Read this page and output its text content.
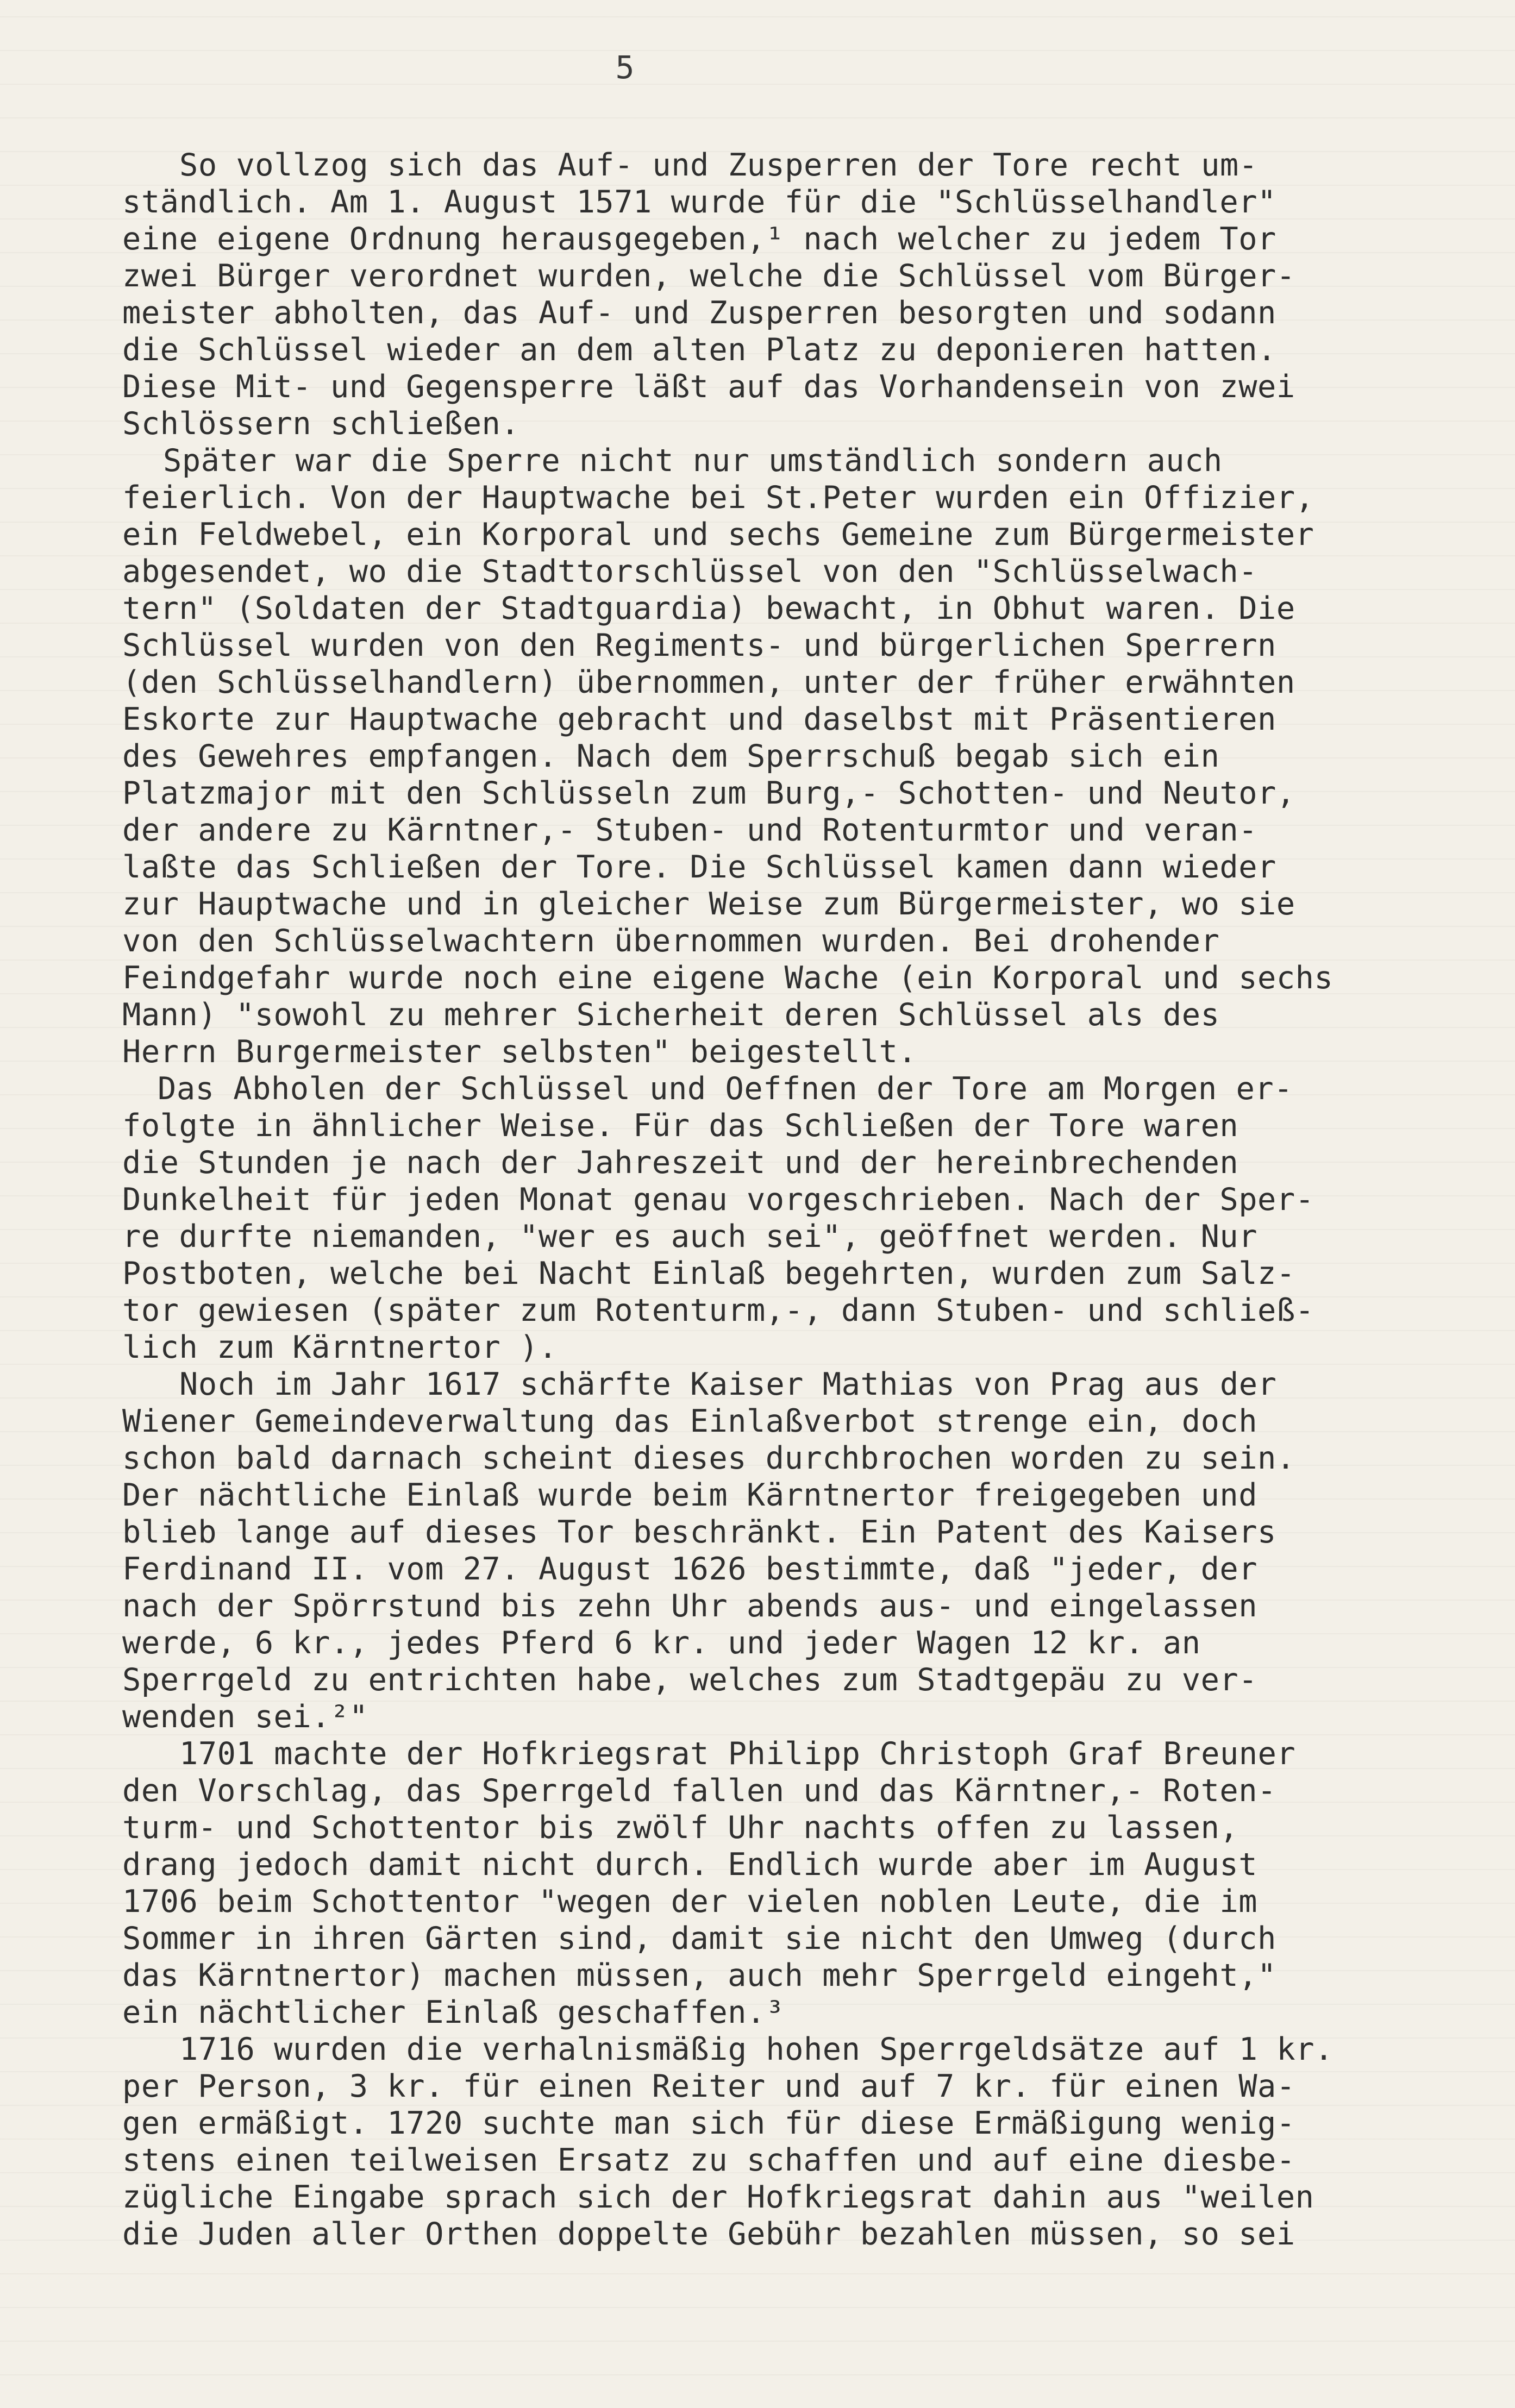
5
So vollzog sich das Auf- und Zusperren der Tore recht um-
ständlich. Am 1. August 1571 wurde für die "Schlüsselhandler"
eine eigene Ordnung herausgegeben,¹ nach welcher zu jedem Tor
zwei Bürger verordnet wurden, welche die Schlüssel vom Bürger-
meister abholten, das Auf- und Zusperren besorgten und sodann
die Schlüssel wieder an dem alten Platz zu deponieren hatten.
Diese Mit- und Gegensperre läßt auf das Vorhandensein von zwei
Schlössern schließen.
Später war die Sperre nicht nur umständlich sondern auch
feierlich. Von der Hauptwache bei St.Peter wurden ein Offizier,
ein Feldwebel, ein Korporal und sechs Gemeine zum Bürgermeister
abgesendet, wo die Stadttorschlüssel von den "Schlüsselwach-
tern" (Soldaten der Stadtguardia) bewacht, in Obhut waren. Die
Schlüssel wurden von den Regiments- und bürgerlichen Sperrern
(den Schlüsselhandlern) übernommen, unter der früher erwähnten
Eskorte zur Hauptwache gebracht und daselbst mit Präsentieren
des Gewehres empfangen. Nach dem Sperrschuß begab sich ein
Platzmajor mit den Schlüsseln zum Burg,- Schotten- und Neutor,
der andere zu Kärntner,- Stuben- und Rotenturmtor und veran-
laßte das Schließen der Tore. Die Schlüssel kamen dann wieder
zur Hauptwache und in gleicher Weise zum Bürgermeister, wo sie
von den Schlüsselwachtern übernommen wurden. Bei drohender
Feindgefahr wurde noch eine eigene Wache (ein Korporal und sechs
Mann) "sowohl zu mehrer Sicherheit deren Schlüssel als des
Herrn Burgermeister selbsten" beigestellt.
Das Abholen der Schlüssel und Oeffnen der Tore am Morgen er-
folgte in ähnlicher Weise. Für das Schließen der Tore waren
die Stunden je nach der Jahreszeit und der hereinbrechenden
Dunkelheit für jeden Monat genau vorgeschrieben. Nach der Sper-
re durfte niemanden, "wer es auch sei", geöffnet werden. Nur
Postboten, welche bei Nacht Einlaß begehrten, wurden zum Salz-
tor gewiesen (später zum Rotenturm,-, dann Stuben- und schließ-
lich zum Kärntnertor ).
Noch im Jahr 1617 schärfte Kaiser Mathias von Prag aus der
Wiener Gemeindeverwaltung das Einlaßverbot strenge ein, doch
schon bald darnach scheint dieses durchbrochen worden zu sein.
Der nächtliche Einlaß wurde beim Kärntnertor freigegeben und
blieb lange auf dieses Tor beschränkt. Ein Patent des Kaisers
Ferdinand II. vom 27. August 1626 bestimmte, daß "jeder, der
nach der Spörrstund bis zehn Uhr abends aus- und eingelassen
werde, 6 kr., jedes Pferd 6 kr. und jeder Wagen 12 kr. an
Sperrgeld zu entrichten habe, welches zum Stadtgepäu zu ver-
wenden sei.²"
1701 machte der Hofkriegsrat Philipp Christoph Graf Breuner
den Vorschlag, das Sperrgeld fallen und das Kärntner,- Roten-
turm- und Schottentor bis zwölf Uhr nachts offen zu lassen,
drang jedoch damit nicht durch. Endlich wurde aber im August
1706 beim Schottentor "wegen der vielen noblen Leute, die im
Sommer in ihren Gärten sind, damit sie nicht den Umweg (durch
das Kärntnertor) machen müssen, auch mehr Sperrgeld eingeht,"
ein nächtlicher Einlaß geschaffen.³
1716 wurden die verhalnismäßig hohen Sperrgeldsätze auf 1 kr.
per Person, 3 kr. für einen Reiter und auf 7 kr. für einen Wa-
gen ermäßigt. 1720 suchte man sich für diese Ermäßigung wenig-
stens einen teilweisen Ersatz zu schaffen und auf eine diesbe-
zügliche Eingabe sprach sich der Hofkriegsrat dahin aus "weilen
die Juden aller Orthen doppelte Gebühr bezahlen müssen, so sei
